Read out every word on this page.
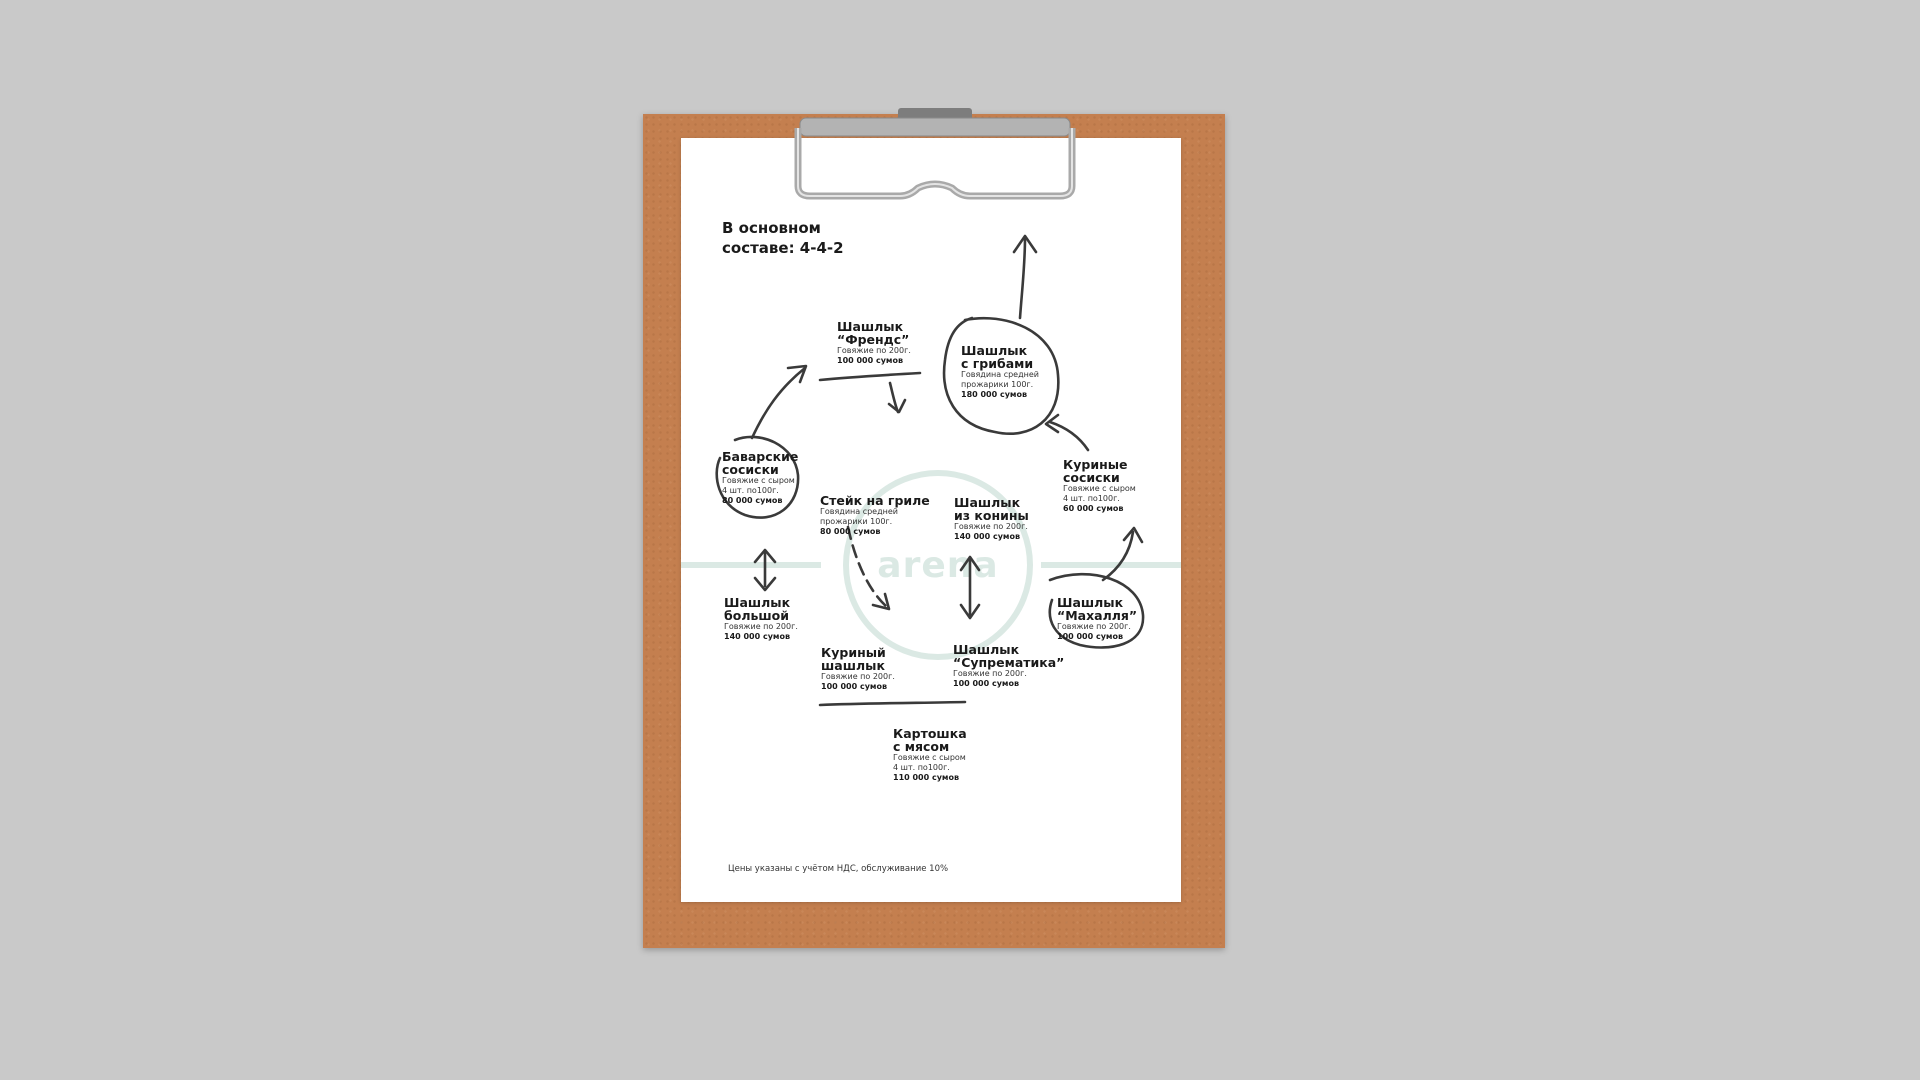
arena
В основном
составе: 4-4-2
Шашлык
“Френдс”
Говяжие по 200г.
100 000 сумов
Шашлык
с грибами
Говядина средней
прожарики 100г.
180 000 сумов
Баварские
сосиски
Говяжие с сыром
4 шт. по100г.
80 000 сумов	Стейк на гриле
Говядина средней
прожарики 100г.
80 000 сумов
Шашлык
из конины
Говяжие по 200г.
140 000 сумов
Куриные
сосиски
Говяжие с сыром
4 шт. по100г.
60 000 сумов
Шашлык
большой
Говяжие по 200г.
140 000 сумов
Шашлык
“Махалля”
Говяжие по 200г.
100 000 сумов
Куриный
шашлык
Говяжие по 200г.
100 000 сумов
Шашлык
“Супрематика”
Говяжие по 200г.
100 000 сумов
Картошка
с мясом
Говяжие с сыром
4 шт. по100г.
110 000 сумов
Цены указаны с учётом НДС, обслуживание 10%
